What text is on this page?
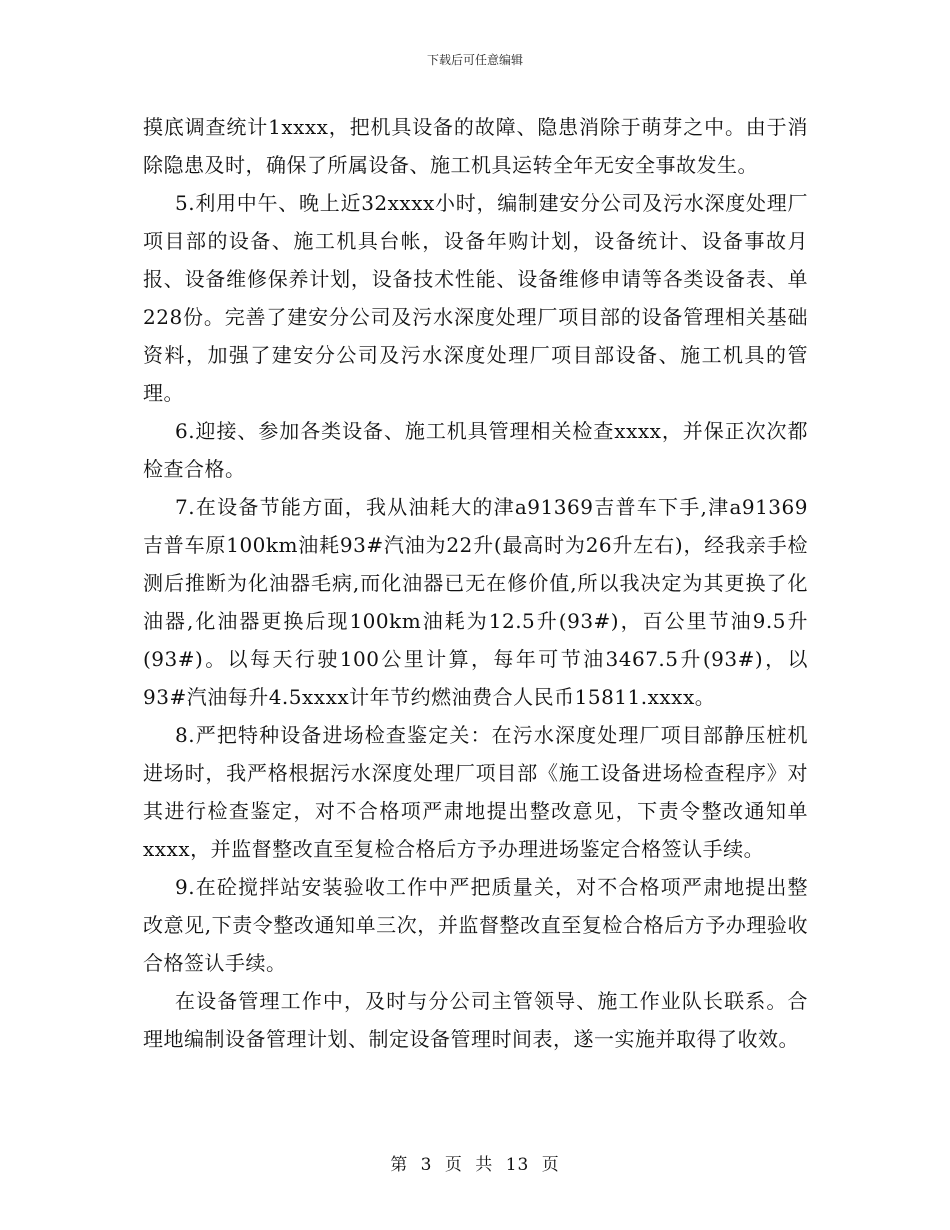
下载后可任意编辑

摸底调查统计1xxxx，把机具设备的故障、隐患消除于萌芽之中。由于消除隐患及时，确保了所属设备、施工机具运转全年无安全事故发生。

5.利用中午、晚上近32xxxx小时，编制建安分公司及污水深度处理厂项目部的设备、施工机具台帐，设备年购计划，设备统计、设备事故月报、设备维修保养计划，设备技术性能、设备维修申请等各类设备表、单228份。完善了建安分公司及污水深度处理厂项目部的设备管理相关基础资料，加强了建安分公司及污水深度处理厂项目部设备、施工机具的管理。

6.迎接、参加各类设备、施工机具管理相关检查xxxx，并保正次次都检查合格。

7.在设备节能方面，我从油耗大的津a91369吉普车下手,津a91369吉普车原100km油耗93#汽油为22升(最高时为26升左右)，经我亲手检测后推断为化油器毛病,而化油器已无在修价值,所以我决定为其更换了化油器,化油器更换后现100km油耗为12.5升(93#)，百公里节油9.5升(93#)。以每天行驶100公里计算，每年可节油3467.5升(93#)，以93#汽油每升4.5xxxx计年节约燃油费合人民币15811.xxxx。

8.严把特种设备进场检查鉴定关：在污水深度处理厂项目部静压桩机进场时，我严格根据污水深度处理厂项目部《施工设备进场检查程序》对其进行检查鉴定，对不合格项严肃地提出整改意见，下责令整改通知单xxxx，并监督整改直至复检合格后方予办理进场鉴定合格签认手续。

9.在砼搅拌站安装验收工作中严把质量关，对不合格项严肃地提出整改意见,下责令整改通知单三次，并监督整改直至复检合格后方予办理验收合格签认手续。

在设备管理工作中，及时与分公司主管领导、施工作业队长联系。合理地编制设备管理计划、制定设备管理时间表，遂一实施并取得了收效。

第 3 页 共 13 页
